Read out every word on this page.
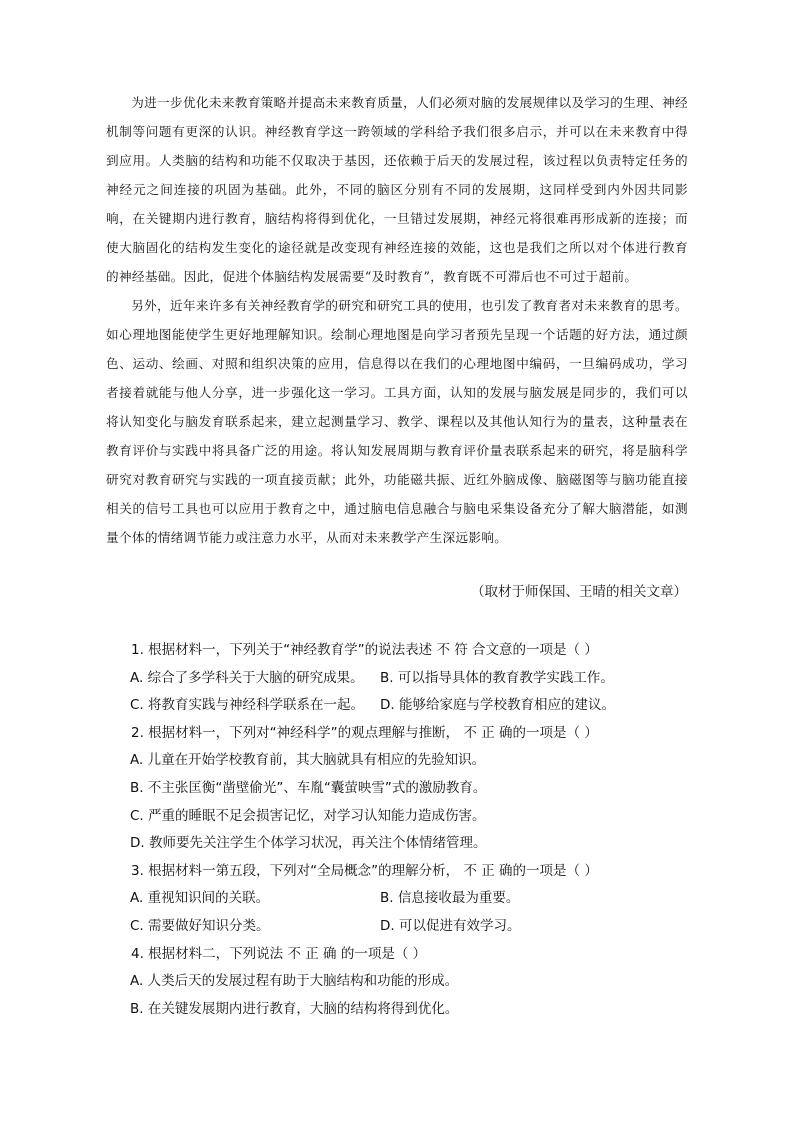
为进一步优化未来教育策略并提高未来教育质量，人们必须对脑的发展规律以及学习的生理、神经机制等问题有更深的认识。神经教育学这一跨领域的学科给予我们很多启示，并可以在未来教育中得到应用。人类脑的结构和功能不仅取决于基因，还依赖于后天的发展过程，该过程以负责特定任务的神经元之间连接的巩固为基础。此外，不同的脑区分别有不同的发展期，这同样受到内外因共同影响，在关键期内进行教育，脑结构将得到优化，一旦错过发展期，神经元将很难再形成新的连接；而使大脑固化的结构发生变化的途径就是改变现有神经连接的效能，这也是我们之所以对个体进行教育的神经基础。因此，促进个体脑结构发展需要“及时教育”，教育既不可滞后也不可过于超前。

另外，近年来许多有关神经教育学的研究和研究工具的使用，也引发了教育者对未来教育的思考。如心理地图能使学生更好地理解知识。绘制心理地图是向学习者预先呈现一个话题的好方法，通过颜色、运动、绘画、对照和组织决策的应用，信息得以在我们的心理地图中编码，一旦编码成功，学习者接着就能与他人分享，进一步强化这一学习。工具方面，认知的发展与脑发展是同步的，我们可以将认知变化与脑发育联系起来，建立起测量学习、教学、课程以及其他认知行为的量表，这种量表在教育评价与实践中将具备广泛的用途。将认知发展周期与教育评价量表联系起来的研究，将是脑科学研究对教育研究与实践的一项直接贡献；此外，功能磁共振、近红外脑成像、脑磁图等与脑功能直接相关的信号工具也可以应用于教育之中，通过脑电信息融合与脑电采集设备充分了解大脑潜能，如测量个体的情绪调节能力或注意力水平，从而对未来教学产生深远影响。

（取材于师保国、王晴的相关文章）
1. 根据材料一，下列关于“神经教育学”的说法表述 不 符 合文意的一项是（ ）
A. 综合了多学科关于大脑的研究成果。 B. 可以指导具体的教育教学实践工作。
C. 将教育实践与神经科学联系在一起。 D. 能够给家庭与学校教育相应的建议。
2. 根据材料一，下列对“神经科学”的观点理解与推断， 不 正 确的一项是（ ）
A. 儿童在开始学校教育前，其大脑就具有相应的先验知识。
B. 不主张匡衡“凿壁偷光”、车胤“囊萤映雪”式的激励教育。
C. 严重的睡眠不足会损害记忆，对学习认知能力造成伤害。
D. 教师要先关注学生个体学习状况，再关注个体情绪管理。
3. 根据材料一第五段，下列对“全局概念”的理解分析， 不 正 确的一项是（ ）
A. 重视知识间的关联。	B. 信息接收最为重要。
C. 需要做好知识分类。	D. 可以促进有效学习。
4. 根据材料二，下列说法 不 正 确 的一项是（ ）
A. 人类后天的发展过程有助于大脑结构和功能的形成。
B. 在关键发展期内进行教育，大脑的结构将得到优化。
